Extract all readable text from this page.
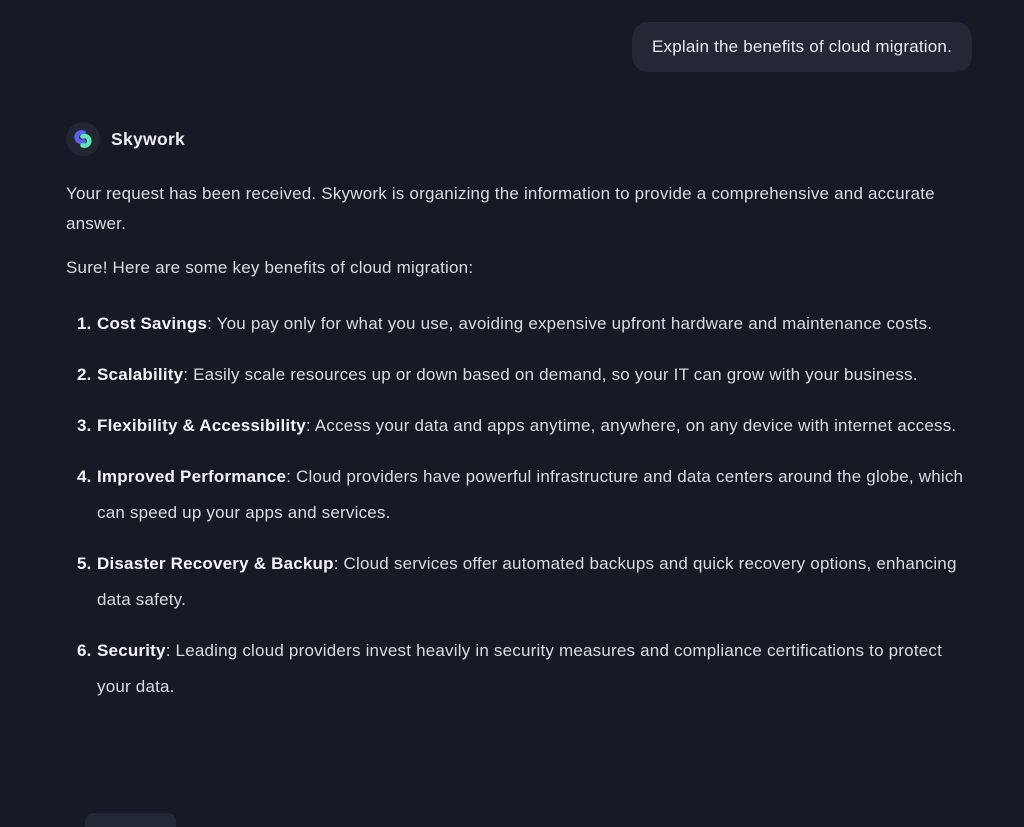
Explain the benefits of cloud migration.
Skywork

Your request has been received. Skywork is organizing the information to provide a comprehensive and accurate answer.

Sure! Here are some key benefits of cloud migration:

1. Cost Savings: You pay only for what you use, avoiding expensive upfront hardware and maintenance costs.
2. Scalability: Easily scale resources up or down based on demand, so your IT can grow with your business.
3. Flexibility & Accessibility: Access your data and apps anytime, anywhere, on any device with internet access.
4. Improved Performance: Cloud providers have powerful infrastructure and data centers around the globe, which can speed up your apps and services.
5. Disaster Recovery & Backup: Cloud services offer automated backups and quick recovery options, enhancing data safety.
6. Security: Leading cloud providers invest heavily in security measures and compliance certifications to protect your data.
